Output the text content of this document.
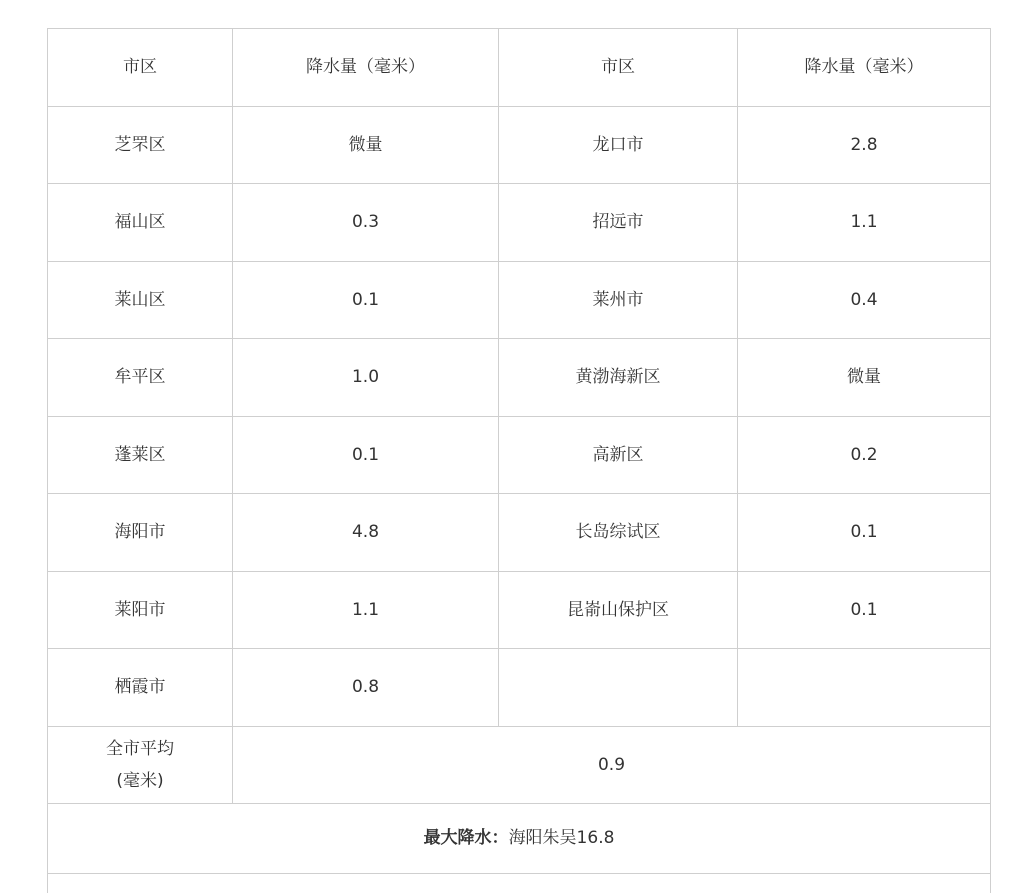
市区	降水量（毫米）	市区	降水量（毫米）
芝罘区	微量	龙口市	2.8
福山区	0.3	招远市	1.1
莱山区	0.1	莱州市	0.4
牟平区	1.0	黄渤海新区	微量
蓬莱区	0.1	高新区	0.2
海阳市	4.8	长岛综试区	0.1
莱阳市	1.1	昆嵛山保护区	0.1
栖霞市	0.8		

全市平均
(毫米)	0.9		
最大降水：海阳朱吴16.8			
